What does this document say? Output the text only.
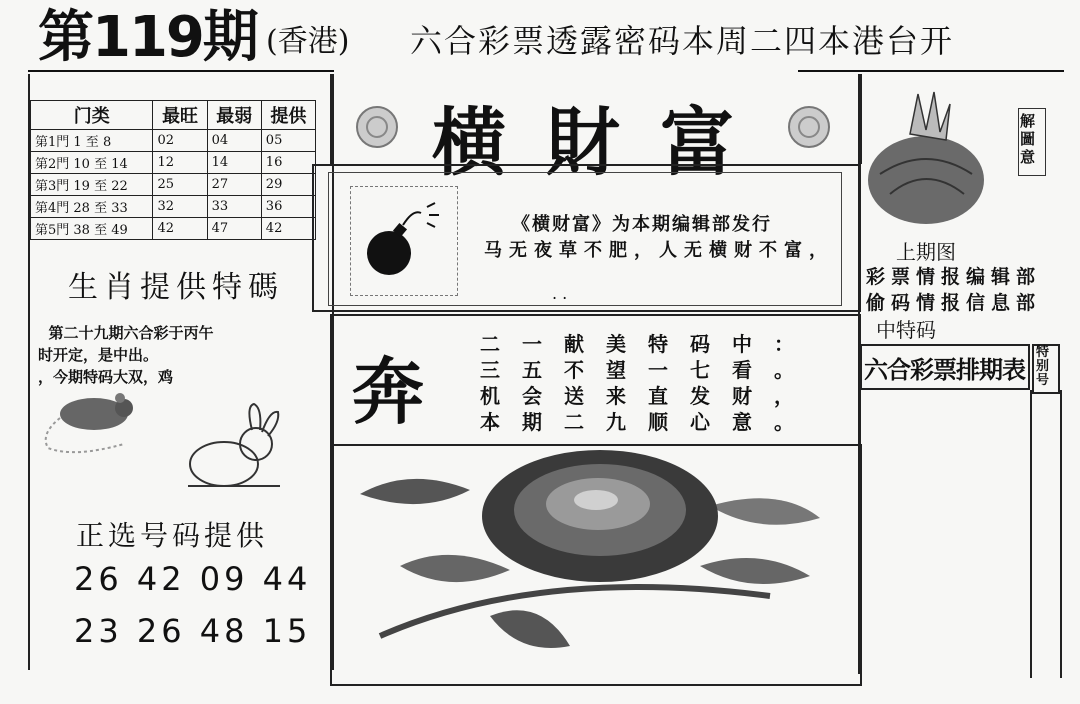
第119期 (香港) 六合彩票透露密码本周二四本港台开
门类	最旺	最弱	提供
第1門 1 至 8	02	04	05
第2門 10 至 14	12	14	16
第3門 19 至 22	25	27	29
第4門 28 至 33	32	33	36
第5門 38 至 49	42	47	42
生肖提供特碼
第二十九期六合彩于丙午
时开定，是中出。
，今期特码大双，鸡
正选号码提供
26 42 09 44
23 26 48 15
横財富
《横财富》为本期编辑部发行
马无夜草不肥，人无横财不富，
. .
奔
二一献美特码中：
三五不望一七看。
机会送来直发财，
本期二九顺心意。
解圖意
上期图
彩票情报编辑部
偷码情报信息部
中特码
六合彩票排期表
特别号
